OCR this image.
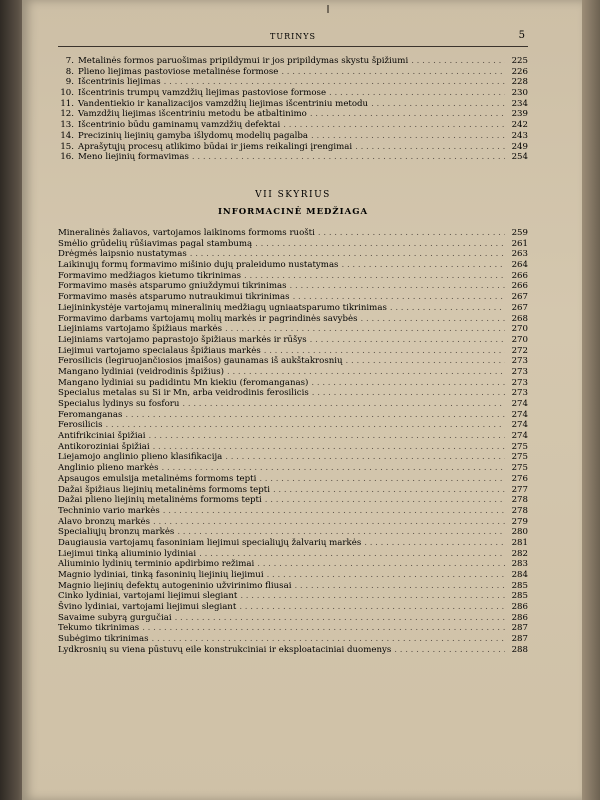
TURINYS	5
7. Metalinės formos paruošimas pripildymui ir jos pripildymas skystu špižiumi . . .	225
8. Plieno liejimas pastoviose metalinėse formose . . .	226
9. Išcentrinis liejimas . . .	228
10. Išcentrinis trumpų vamzdžių liejimas pastoviose formose . . .	230
11. Vandentiekio ir kanalizacijos vamzdžių liejimas išcentriniu metodu . . .	234
12. Vamzdžių liejimas išcentriniu metodu be atbaltinimo . . .	239
13. Išcentrinio būdu gaminamų vamzdžių defektai . . .	242
14. Precizinių liejinių gamyba išlydomų modelių pagalba . . .	243
15. Aprašytųjų procesų atlikimo būdai ir jiems reikalingi įrengimai . . .	249
16. Meno liejinių formavimas . . .	254
VII SKYRIUS
INFORMACINĖ MEDŽIAGA
Mineralinės žaliavos, vartojamos laikinoms formoms ruošti . . .	259
Smėlio grūdelių rūšiavimas pagal stambumą . . .	261
Drėgmės laipsnio nustatymas . . .	263
Laikinųjų formų formavimo mišinio dujų praleidumo nustatymas . . .	264
Formavimo medžiagos kietumo tikrinimas . . .	266
Formavimo masės atsparumo gniuždymui tikrinimas . . .	266
Formavimo masės atsparumo nutraukimui tikrinimas . . .	267
Liejininkystėje vartojamų mineralinių medžiagų ugniaatsparumo tikrinimas . . .	267
Formavimo darbams vartojamų molių markės ir pagrindinės savybės . . .	268
Liejiniams vartojamo špižiaus markės . . .	270
Liejiniams vartojamo paprastojo špižiaus markės ir rūšys . . .	270
Liejimui vartojamo specialaus špižiaus markės . . .	272
Ferosilicis (legiruojančiosios įmaišos) gaunamas iš aukštakrosnių . . .	273
Mangano lydiniai (veidrodinis špižius) . . .	273
Mangano lydiniai su padidintu Mn kiekiu (feromanganas) . . .	273
Specialus metalas su Si ir Mn, arba veidrodinis ferosilicis . . .	273
Specialus lydinys su fosforu . . .	274
Feromanganas . . .	274
Ferosilicis . . .	274
Antifrikciniai špižiai . . .	274
Antikoroziniai špižiai . . .	275
Liejamojo anglinio plieno klasifikacija . . .	275
Anglinio plieno markės . . .	275
Apsaugos emulsija metalinėms formoms tepti . . .	276
Dažai špižiaus liejinių metalinėms formoms tepti . . .	277
Dažai plieno liejinių metalinėms formoms tepti . . .	278
Techninio vario markės . . .	278
Alavo bronzų markės . . .	279
Specialiųjų bronzų markės . . .	280
Daugiausia vartojamų fasoniniam liejimui specialiųjų žalvarių markės . . .	281
Liejimui tinką aliuminio lydiniai . . .	282
Aliuminio lydinių terminio apdirbimo režimai . . .	283
Magnio lydiniai, tinką fasoninių liejinių liejimui . . .	284
Magnio liejinių defektų autogeninio užvirinimo fliusai . . .	285
Cinko lydiniai, vartojami liejimui slegiant . . .	285
Švino lydiniai, vartojami liejimui slegiant . . .	286
Savaime subyrą gurgučiai . . .	286
Tekumo tikrinimas . . .	287
Subėgimo tikrinimas . . .	287
Lydkrosnių su viena pūstuvų eile konstrukciniai ir eksploataciniai duomenys . . .	288
